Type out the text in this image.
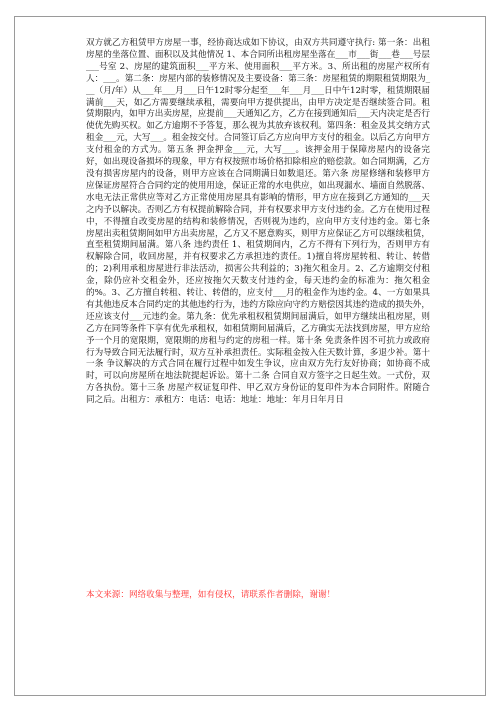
双方就乙方租赁甲方房屋一事，经协商达成如下协议，由双方共同遵守执行: 第一条：出租房屋的坐落位置、面积以及其他情况 1、本合同所出租房屋坐落在___市___街___巷___号层___号室 2、房屋的建筑面积___平方米、使用面积___平方米。3、所出租的房屋产权所有人：___。第二条：房屋内部的装修情况及主要设备：第三条：房屋租赁的期限租赁期限为___（月/年）从___年___月___日午12时零分起至___年___月___日中午12时零，租赁期限届满前___天，如乙方需要继续承租，需要向甲方提供提出，由甲方决定是否继续签合同。租赁期限内，如甲方出卖房屋，应提前___天通知乙方，乙方在接到通知后___天内决定是否行使优先购买权。如乙方逾期不予答复，那么视为其放弃该权利。第四条：租金及其交纳方式租金___元，大写___。租金按交付。合同签订后乙方应向甲方支付的租金。以后乙方向甲方支付租金的方式为。第五条 押金押金___元，大写___。该押金用于保障房屋内的设备完好，如出现设备损坏的现象，甲方有权按照市场价格扣除相应的赔偿款。如合同期满，乙方没有损害房屋内的设备，则甲方应该在合同期满日如数退还。第六条 房屋修缮和装修甲方应保证房屋符合合同约定的使用用途，保证正常的水电供应，如出现漏水、墙面自然脱落、水电无法正常供应等对乙方正常使用房屋具有影响的情形，甲方应在接到乙方通知的___天之内予以解决。否则乙方有权提前解除合同，并有权要求甲方支付违约金。乙方在使用过程中，不得擅自改变房屋的结构和装修情况，否则视为违约，应向甲方支付违约金。第七条 房屋出卖租赁期间如甲方出卖房屋，乙方又不愿意购买，则甲方应保证乙方可以继续租赁，直至租赁期间届满。第八条 违约责任 1、租赁期间内，乙方不得有下列行为，否则甲方有权解除合同，收回房屋，并有权要求乙方承担违约责任。1)擅自将房屋转租、转让、转借的；2)利用承租房屋进行非法活动，损害公共利益的；3)拖欠租金月。2、乙方逾期交付租金，除仍应补交租金外，还应按拖欠天数支付违约金，每天违约金的标准为：拖欠租金的%。3、乙方擅自转租、转让、转借的，应支付___月的租金作为违约金。4、一方如果具有其他违反本合同约定的其他违约行为，违约方除应向守约方赔偿因其违约造成的损失外，还应该支付___元违约金。第九条：优先承租权租赁期间届满后，如甲方继续出租房屋，则乙方在同等条件下享有优先承租权，如租赁期间届满后，乙方确实无法找到房屋，甲方应给予一个月的宽限期，宽限期的房租与约定的房租一样。第十条 免责条件因不可抗力或政府行为导致合同无法履行时，双方互补承担责任。实际租金按入住天数计算，多退少补。第十一条 争议解决的方式合同在履行过程中如发生争议，应由双方先行友好协商；如协商不成时，可以向房屋所在地法院提起诉讼。第十二条 合同自双方签字之日起生效。一式份，双方各执份。第十三条 房屋产权证复印件、甲乙双方身份证的复印件为本合同附件。附随合同之后。出租方：承租方：电话：电话：地址：地址：年月日年月日

本文来源：网络收集与整理，如有侵权，请联系作者删除，谢谢！
